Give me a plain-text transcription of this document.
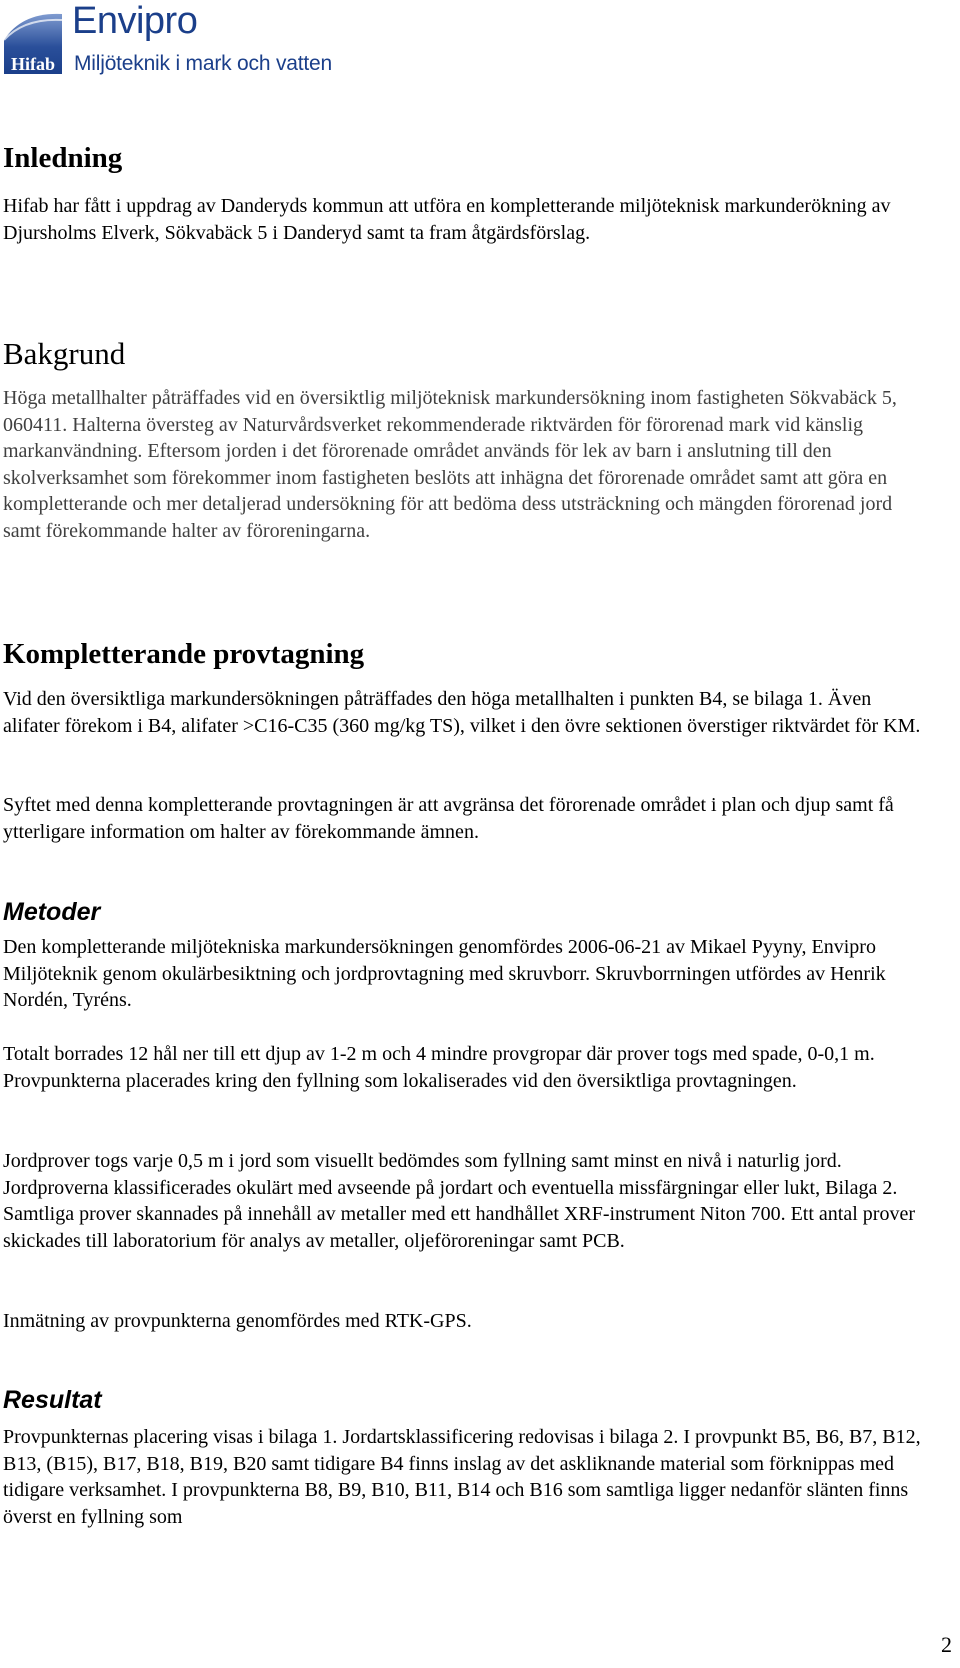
Hifab
Envipro
Miljöteknik i mark och vatten
Inledning

Hifab har fått i uppdrag av Danderyds kommun att utföra en kompletterande miljöteknisk markunderökning av Djursholms Elverk, Sökvabäck 5 i Danderyd samt ta fram åtgärdsförslag.

Bakgrund

Höga metallhalter påträffades vid en översiktlig miljöteknisk markundersökning inom fastigheten Sökvabäck 5, 060411. Halterna översteg av Naturvårdsverket rekommenderade riktvärden för förorenad mark vid känslig markanvändning. Eftersom jorden i det förorenade området används för lek av barn i anslutning till den skolverksamhet som förekommer inom fastigheten beslöts att inhägna det förorenade området samt att göra en kompletterande och mer detaljerad undersökning för att bedöma dess utsträckning och mängden förorenad jord samt förekommande halter av föroreningarna.

Kompletterande provtagning

Vid den översiktliga markundersökningen påträffades den höga metallhalten i punkten B4, se bilaga 1. Även alifater förekom i B4, alifater >C16-C35 (360 mg/kg TS), vilket i den övre sektionen överstiger riktvärdet för KM.

Syftet med denna kompletterande provtagningen är att avgränsa det förorenade området i plan och djup samt få ytterligare information om halter av förekommande ämnen.

Metoder

Den kompletterande miljötekniska markundersökningen genomfördes 2006-06-21 av Mikael Pyyny, Envipro Miljöteknik genom okulärbesiktning och jordprovtagning med skruvborr. Skruvborrningen utfördes av Henrik Nordén, Tyréns.

Totalt borrades 12 hål ner till ett djup av 1-2 m och 4 mindre provgropar där prover togs med spade, 0-0,1 m. Provpunkterna placerades kring den fyllning som lokaliserades vid den översiktliga provtagningen.

Jordprover togs varje 0,5 m i jord som visuellt bedömdes som fyllning samt minst en nivå i naturlig jord. Jordproverna klassificerades okulärt med avseende på jordart och eventuella missfärgningar eller lukt, Bilaga 2. Samtliga prover skannades på innehåll av metaller med ett handhållet XRF-instrument Niton 700. Ett antal prover skickades till laboratorium för analys av metaller, oljeföroreningar samt PCB.

Inmätning av provpunkterna genomfördes med RTK-GPS.

Resultat

Provpunkternas placering visas i bilaga 1. Jordartsklassificering redovisas i bilaga 2. I provpunkt B5, B6, B7, B12, B13, (B15), B17, B18, B19, B20 samt tidigare B4 finns inslag av det askliknande material som förknippas med tidigare verksamhet. I provpunkterna B8, B9, B10, B11, B14 och B16 som samtliga ligger nedanför slänten finns överst en fyllning som

2
